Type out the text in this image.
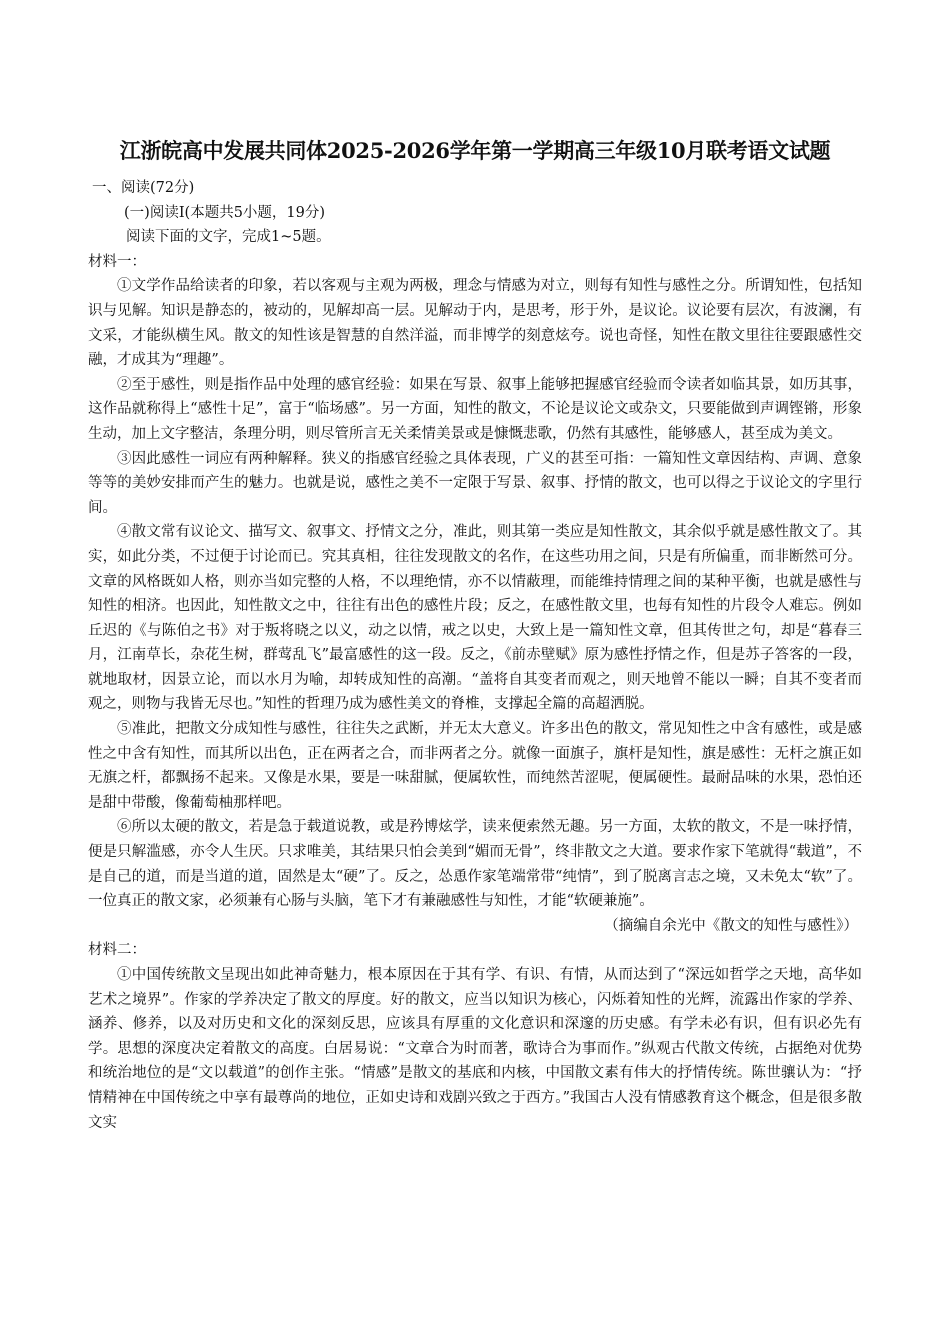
江浙皖高中发展共同体2025-2026学年第一学期高三年级10月联考语文试题
一、阅读(72分)
(一)阅读Ⅰ(本题共5小题，19分)
阅读下面的文字，完成1~5题。
材料一：

①文学作品给读者的印象，若以客观与主观为两极，理念与情感为对立，则每有知性与感性之分。所谓知性，包括知识与见解。知识是静态的，被动的，见解却高一层。见解动于内，是思考，形于外，是议论。议论要有层次，有波澜，有文采，才能纵横生风。散文的知性该是智慧的自然洋溢，而非博学的刻意炫夸。说也奇怪，知性在散文里往往要跟感性交融，才成其为“理趣”。

②至于感性，则是指作品中处理的感官经验：如果在写景、叙事上能够把握感官经验而令读者如临其景，如历其事，这作品就称得上“感性十足”，富于“临场感”。另一方面，知性的散文，不论是议论文或杂文，只要能做到声调铿锵，形象生动，加上文字整洁，条理分明，则尽管所言无关柔情美景或是慷慨悲歌，仍然有其感性，能够感人，甚至成为美文。

③因此感性一词应有两种解释。狭义的指感官经验之具体表现，广义的甚至可指：一篇知性文章因结构、声调、意象等等的美妙安排而产生的魅力。也就是说，感性之美不一定限于写景、叙事、抒情的散文，也可以得之于议论文的字里行间。

④散文常有议论文、描写文、叙事文、抒情文之分，准此，则其第一类应是知性散文，其余似乎就是感性散文了。其实，如此分类，不过便于讨论而已。究其真相，往往发现散文的名作，在这些功用之间，只是有所偏重，而非断然可分。文章的风格既如人格，则亦当如完整的人格，不以理绝情，亦不以情蔽理，而能维持情理之间的某种平衡，也就是感性与知性的相济。也因此，知性散文之中，往往有出色的感性片段；反之，在感性散文里，也每有知性的片段令人难忘。例如丘迟的《与陈伯之书》对于叛将晓之以义，动之以情，戒之以史，大致上是一篇知性文章，但其传世之句，却是“暮春三月，江南草长，杂花生树，群莺乱飞”最富感性的这一段。反之，《前赤壁赋》原为感性抒情之作，但是苏子答客的一段，就地取材，因景立论，而以水月为喻，却转成知性的高潮。“盖将自其变者而观之，则天地曾不能以一瞬；自其不变者而观之，则物与我皆无尽也。”知性的哲理乃成为感性美文的脊椎，支撑起全篇的高超洒脱。

⑤准此，把散文分成知性与感性，往往失之武断，并无太大意义。许多出色的散文，常见知性之中含有感性，或是感性之中含有知性，而其所以出色，正在两者之合，而非两者之分。就像一面旗子，旗杆是知性，旗是感性：无杆之旗正如无旗之杆，都飘扬不起来。又像是水果，要是一味甜腻，便属软性，而纯然苦涩呢，便属硬性。最耐品味的水果，恐怕还是甜中带酸，像葡萄柚那样吧。

⑥所以太硬的散文，若是急于载道说教，或是矜博炫学，读来便索然无趣。另一方面，太软的散文，不是一味抒情，便是只解滥感，亦令人生厌。只求唯美，其结果只怕会美到“媚而无骨”，终非散文之大道。要求作家下笔就得“载道”，不是自己的道，而是当道的道，固然是太“硬”了。反之，怂恿作家笔端常带“纯情”，到了脱离言志之境，又未免太“软”了。一位真正的散文家，必须兼有心肠与头脑，笔下才有兼融感性与知性，才能“软硬兼施”。

（摘编自余光中《散文的知性与感性》）
材料二：

①中国传统散文呈现出如此神奇魅力，根本原因在于其有学、有识、有情，从而达到了“深远如哲学之天地，高华如艺术之境界”。作家的学养决定了散文的厚度。好的散文，应当以知识为核心，闪烁着知性的光辉，流露出作家的学养、涵养、修养，以及对历史和文化的深刻反思，应该具有厚重的文化意识和深邃的历史感。有学未必有识，但有识必先有学。思想的深度决定着散文的高度。白居易说：“文章合为时而著，歌诗合为事而作。”纵观古代散文传统，占据绝对优势和统治地位的是“文以载道”的创作主张。“情感”是散文的基底和内核，中国散文素有伟大的抒情传统。陈世骧认为：“抒情精神在中国传统之中享有最尊尚的地位，正如史诗和戏剧兴致之于西方。”我国古人没有情感教育这个概念，但是很多散文实
